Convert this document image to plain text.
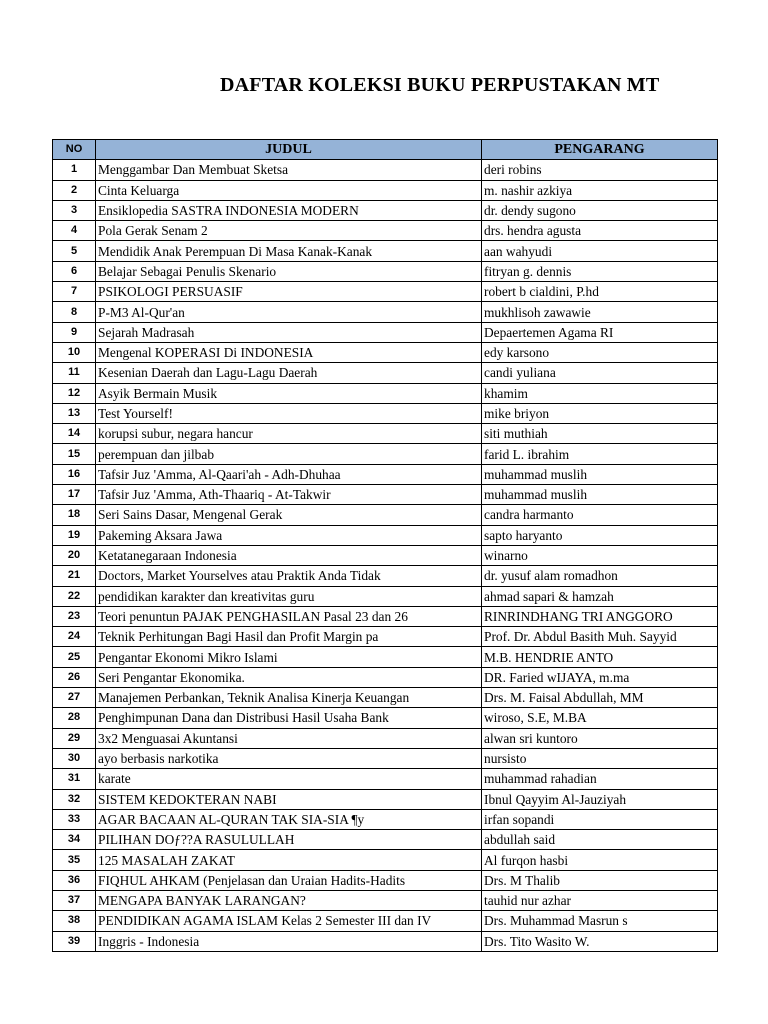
DAFTAR KOLEKSI BUKU PERPUSTAKAN MT
NO	JUDUL	PENGARANG
1	Menggambar Dan Membuat Sketsa	deri robins
2	Cinta Keluarga	m. nashir azkiya
3	Ensiklopedia SASTRA INDONESIA MODERN	dr. dendy sugono
4	Pola Gerak Senam 2	drs. hendra agusta
5	Mendidik Anak Perempuan Di Masa Kanak-Kanak	aan wahyudi
6	Belajar Sebagai Penulis Skenario	fitryan g. dennis
7	PSIKOLOGI PERSUASIF	robert b cialdini, P.hd
8	P-M3 Al-Qur'an	mukhlisoh zawawie
9	Sejarah Madrasah	Depaertemen Agama RI
10	Mengenal KOPERASI Di INDONESIA	edy karsono
11	Kesenian Daerah dan Lagu-Lagu Daerah	candi yuliana
12	Asyik Bermain Musik	khamim
13	Test Yourself!	mike briyon
14	korupsi subur, negara hancur	siti muthiah
15	perempuan dan jilbab	farid L. ibrahim
16	Tafsir Juz 'Amma, Al-Qaari'ah - Adh-Dhuhaa	muhammad muslih
17	Tafsir Juz 'Amma, Ath-Thaariq - At-Takwir	muhammad muslih
18	Seri Sains Dasar, Mengenal Gerak	candra harmanto
19	Pakeming Aksara Jawa	sapto haryanto
20	Ketatanegaraan Indonesia	winarno
21	Doctors, Market Yourselves atau Praktik Anda Tidak	dr. yusuf alam romadhon
22	pendidikan karakter dan kreativitas guru	ahmad sapari & hamzah
23	Teori penuntun PAJAK PENGHASILAN Pasal 23 dan 26	RINRINDHANG TRI ANGGORO
24	Teknik Perhitungan Bagi Hasil dan Profit Margin pa	Prof. Dr. Abdul Basith Muh. Sayyid
25	Pengantar Ekonomi Mikro Islami	M.B. HENDRIE ANTO
26	Seri Pengantar Ekonomika.	DR. Faried wIJAYA, m.ma
27	Manajemen Perbankan, Teknik Analisa Kinerja Keuangan	Drs. M. Faisal Abdullah, MM
28	Penghimpunan Dana dan Distribusi Hasil Usaha Bank	wiroso, S.E, M.BA
29	3x2 Menguasai Akuntansi	alwan sri kuntoro
30	ayo berbasis narkotika	nursisto
31	karate	muhammad rahadian
32	SISTEM KEDOKTERAN NABI	Ibnul Qayyim Al-Jauziyah
33	AGAR BACAAN AL-QURAN TAK SIA-SIA ¶y	irfan sopandi
34	PILIHAN DOƒ??A RASULULLAH	abdullah said
35	125 MASALAH ZAKAT	Al furqon hasbi
36	FIQHUL AHKAM (Penjelasan dan Uraian Hadits-Hadits	Drs. M Thalib
37	MENGAPA BANYAK LARANGAN?	tauhid nur azhar
38	PENDIDIKAN AGAMA ISLAM Kelas 2 Semester III dan IV	Drs. Muhammad Masrun s
39	Inggris - Indonesia	Drs. Tito Wasito W.
